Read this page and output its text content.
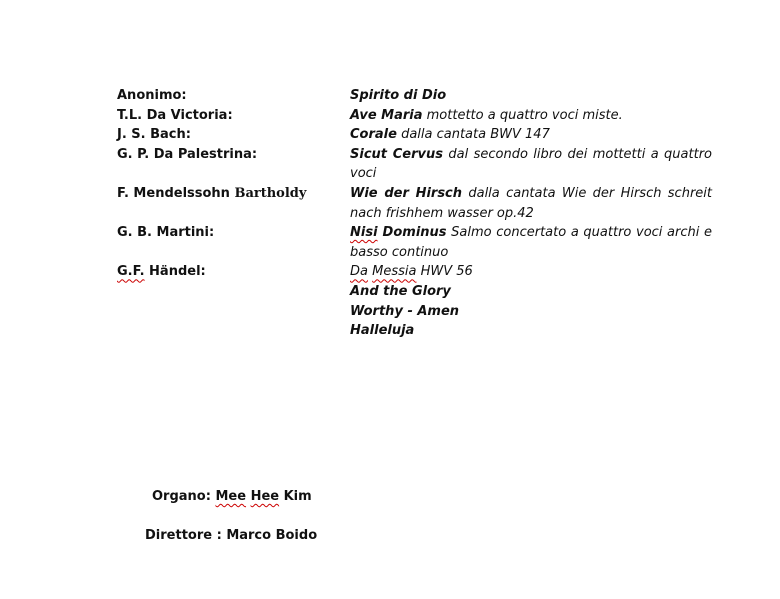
Anonimo:	Spirito di Dio
T.L. Da Victoria:	Ave Maria mottetto a quattro voci miste.
J. S. Bach:	Corale dalla cantata BWV 147
G. P. Da Palestrina:	Sicut Cervus dal secondo libro dei mottetti a quattro voci
F. Mendelssohn Bartholdy	Wie der Hirsch dalla cantata Wie der Hirsch schreit nach frishhem wasser op.42
G. B. Martini:	Nisi Dominus Salmo concertato a quattro voci archi e basso continuo
G.F. Händel:	Da Messia HWV 56
And the Glory
Worthy - Amen
Halleluja
Organo: Mee Hee Kim
Direttore : Marco Boido
